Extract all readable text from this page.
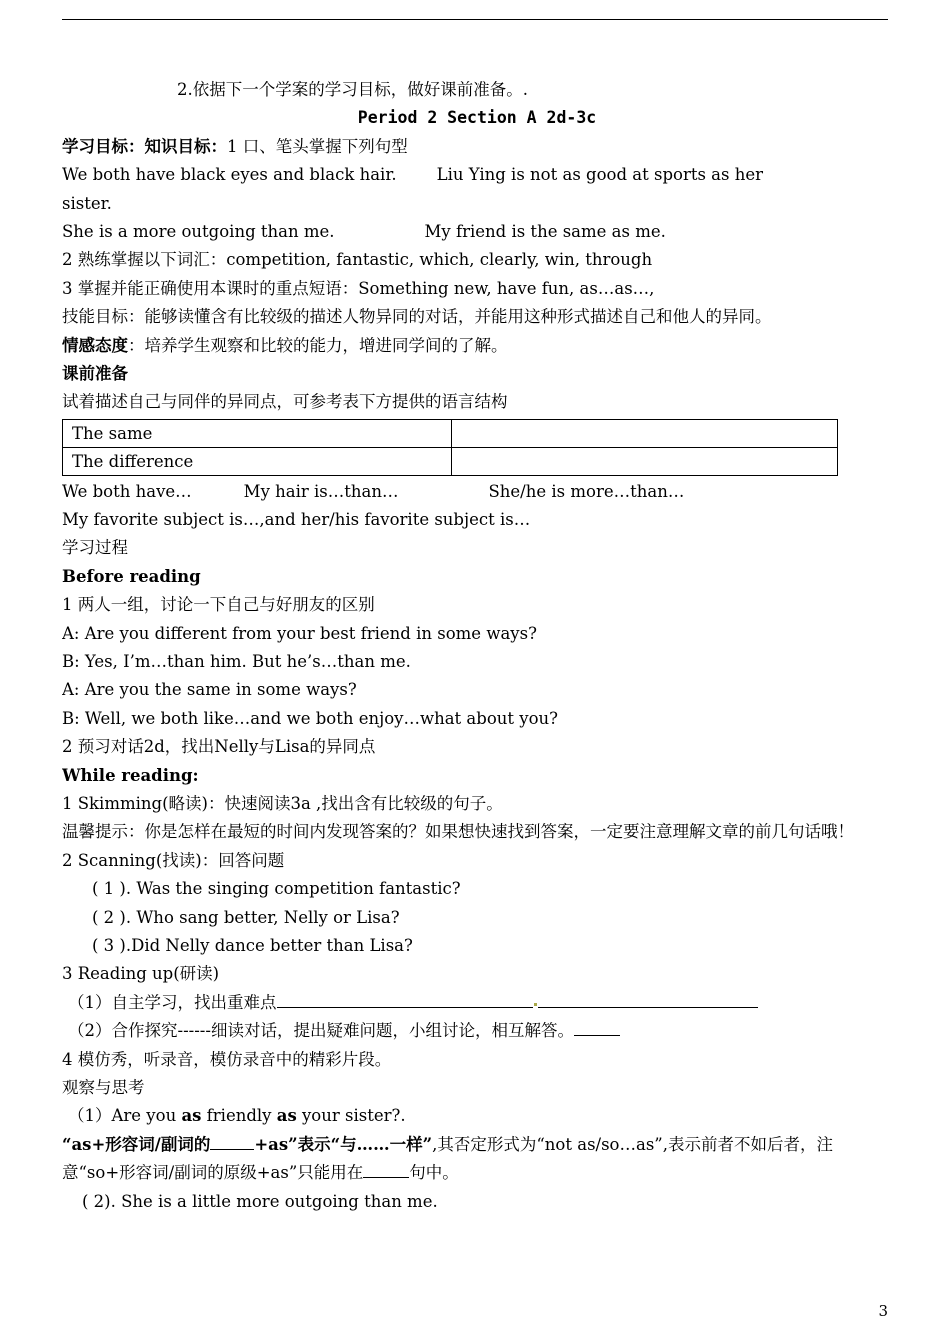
2.依据下一个学案的学习目标，做好课前准备。.
Period 2 Section A 2d-3c
学习目标：知识目标：1 口、笔头掌握下列句型
We both have black eyes and black hair. Liu Ying is not as good at sports as her
sister.
She is a more outgoing than me.	My friend is the same as me.
2 熟练掌握以下词汇：competition, fantastic, which, clearly, win, through
3 掌握并能正确使用本课时的重点短语：Something new, have fun, as…as…,
技能目标：能够读懂含有比较级的描述人物异同的对话，并能用这种形式描述自己和他人的异同。
情感态度：培养学生观察和比较的能力，增进同学间的了解。
课前准备
试着描述自己与同伴的异同点，可参考表下方提供的语言结构
The same	
The difference	
We both have…	My hair is…than…	She/he is more…than…
My favorite subject is…,and her/his favorite subject is…
学习过程
Before reading
1 两人一组，讨论一下自己与好朋友的区别
A: Are you different from your best friend in some ways?
B: Yes, I’m…than him. But he’s…than me.
A: Are you the same in some ways?
B: Well, we both like…and we both enjoy…what about you?
2 预习对话2d，找出Nelly与Lisa的异同点
While reading:
1 Skimming(略读)：快速阅读3a ,找出含有比较级的句子。
温馨提示：你是怎样在最短的时间内发现答案的？如果想快速找到答案，一定要注意理解文章的前几句话哦！
2 Scanning(找读)：回答问题
( 1 ). Was the singing competition fantastic?
( 2 ). Who sang better, Nelly or Lisa?
( 3 ).Did Nelly dance better than Lisa?
3 Reading up(研读)
（1）自主学习，找出重难点
（2）合作探究------细读对话，提出疑难问题，小组讨论，相互解答。
4 模仿秀，听录音，模仿录音中的精彩片段。
观察与思考
（1）Are you as friendly as your sister?.
“as+形容词/副词的	+as”表示“与……一样”,其否定形式为“not as/so…as”,表示前者不如后者，注意“so+形容词/副词的原级+as”只能用在	句中。
( 2). She is a little more outgoing than me.
3
